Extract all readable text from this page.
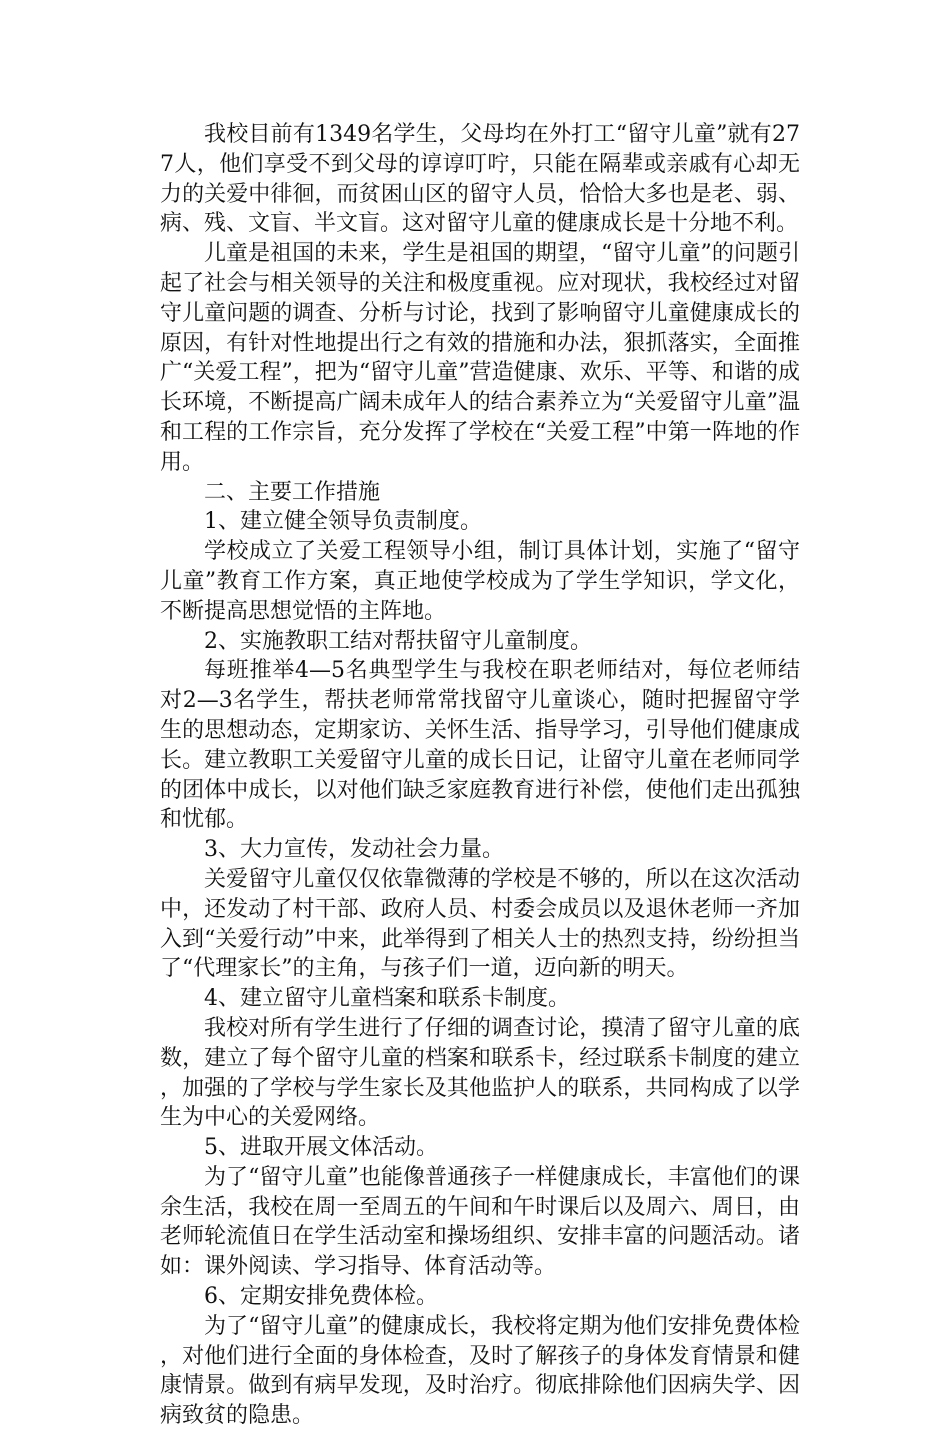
我校目前有1349名学生，父母均在外打工“留守儿童”就有277人，他们享受不到父母的谆谆叮咛，只能在隔辈或亲戚有心却无力的关爱中徘徊，而贫困山区的留守人员，恰恰大多也是老、弱、病、残、文盲、半文盲。这对留守儿童的健康成长是十分地不利。

儿童是祖国的未来，学生是祖国的期望，“留守儿童”的问题引起了社会与相关领导的关注和极度重视。应对现状，我校经过对留守儿童问题的调查、分析与讨论，找到了影响留守儿童健康成长的原因，有针对性地提出行之有效的措施和办法，狠抓落实，全面推广“关爱工程”，把为“留守儿童”营造健康、欢乐、平等、和谐的成长环境，不断提高广阔未成年人的结合素养立为“关爱留守儿童”温和工程的工作宗旨，充分发挥了学校在“关爱工程”中第一阵地的作用。

二、主要工作措施

1、建立健全领导负责制度。

学校成立了关爱工程领导小组，制订具体计划，实施了“留守儿童”教育工作方案，真正地使学校成为了学生学知识，学文化，不断提高思想觉悟的主阵地。

2、实施教职工结对帮扶留守儿童制度。

每班推举4—5名典型学生与我校在职老师结对，每位老师结对2—3名学生，帮扶老师常常找留守儿童谈心，随时把握留守学生的思想动态，定期家访、关怀生活、指导学习，引导他们健康成长。建立教职工关爱留守儿童的成长日记，让留守儿童在老师同学的团体中成长，以对他们缺乏家庭教育进行补偿，使他们走出孤独和忧郁。

3、大力宣传，发动社会力量。

关爱留守儿童仅仅依靠微薄的学校是不够的，所以在这次活动中，还发动了村干部、政府人员、村委会成员以及退休老师一齐加入到“关爱行动”中来，此举得到了相关人士的热烈支持，纷纷担当了“代理家长”的主角，与孩子们一道，迈向新的明天。

4、建立留守儿童档案和联系卡制度。

我校对所有学生进行了仔细的调查讨论，摸清了留守儿童的底数，建立了每个留守儿童的档案和联系卡，经过联系卡制度的建立，加强的了学校与学生家长及其他监护人的联系，共同构成了以学生为中心的关爱网络。

5、进取开展文体活动。

为了“留守儿童”也能像普通孩子一样健康成长，丰富他们的课余生活，我校在周一至周五的午间和午时课后以及周六、周日，由老师轮流值日在学生活动室和操场组织、安排丰富的问题活动。诸如：课外阅读、学习指导、体育活动等。

6、定期安排免费体检。

为了“留守儿童”的健康成长，我校将定期为他们安排免费体检，对他们进行全面的身体检查，及时了解孩子的身体发育情景和健康情景。做到有病早发现，及时治疗。彻底排除他们因病失学、因病致贫的隐患。
